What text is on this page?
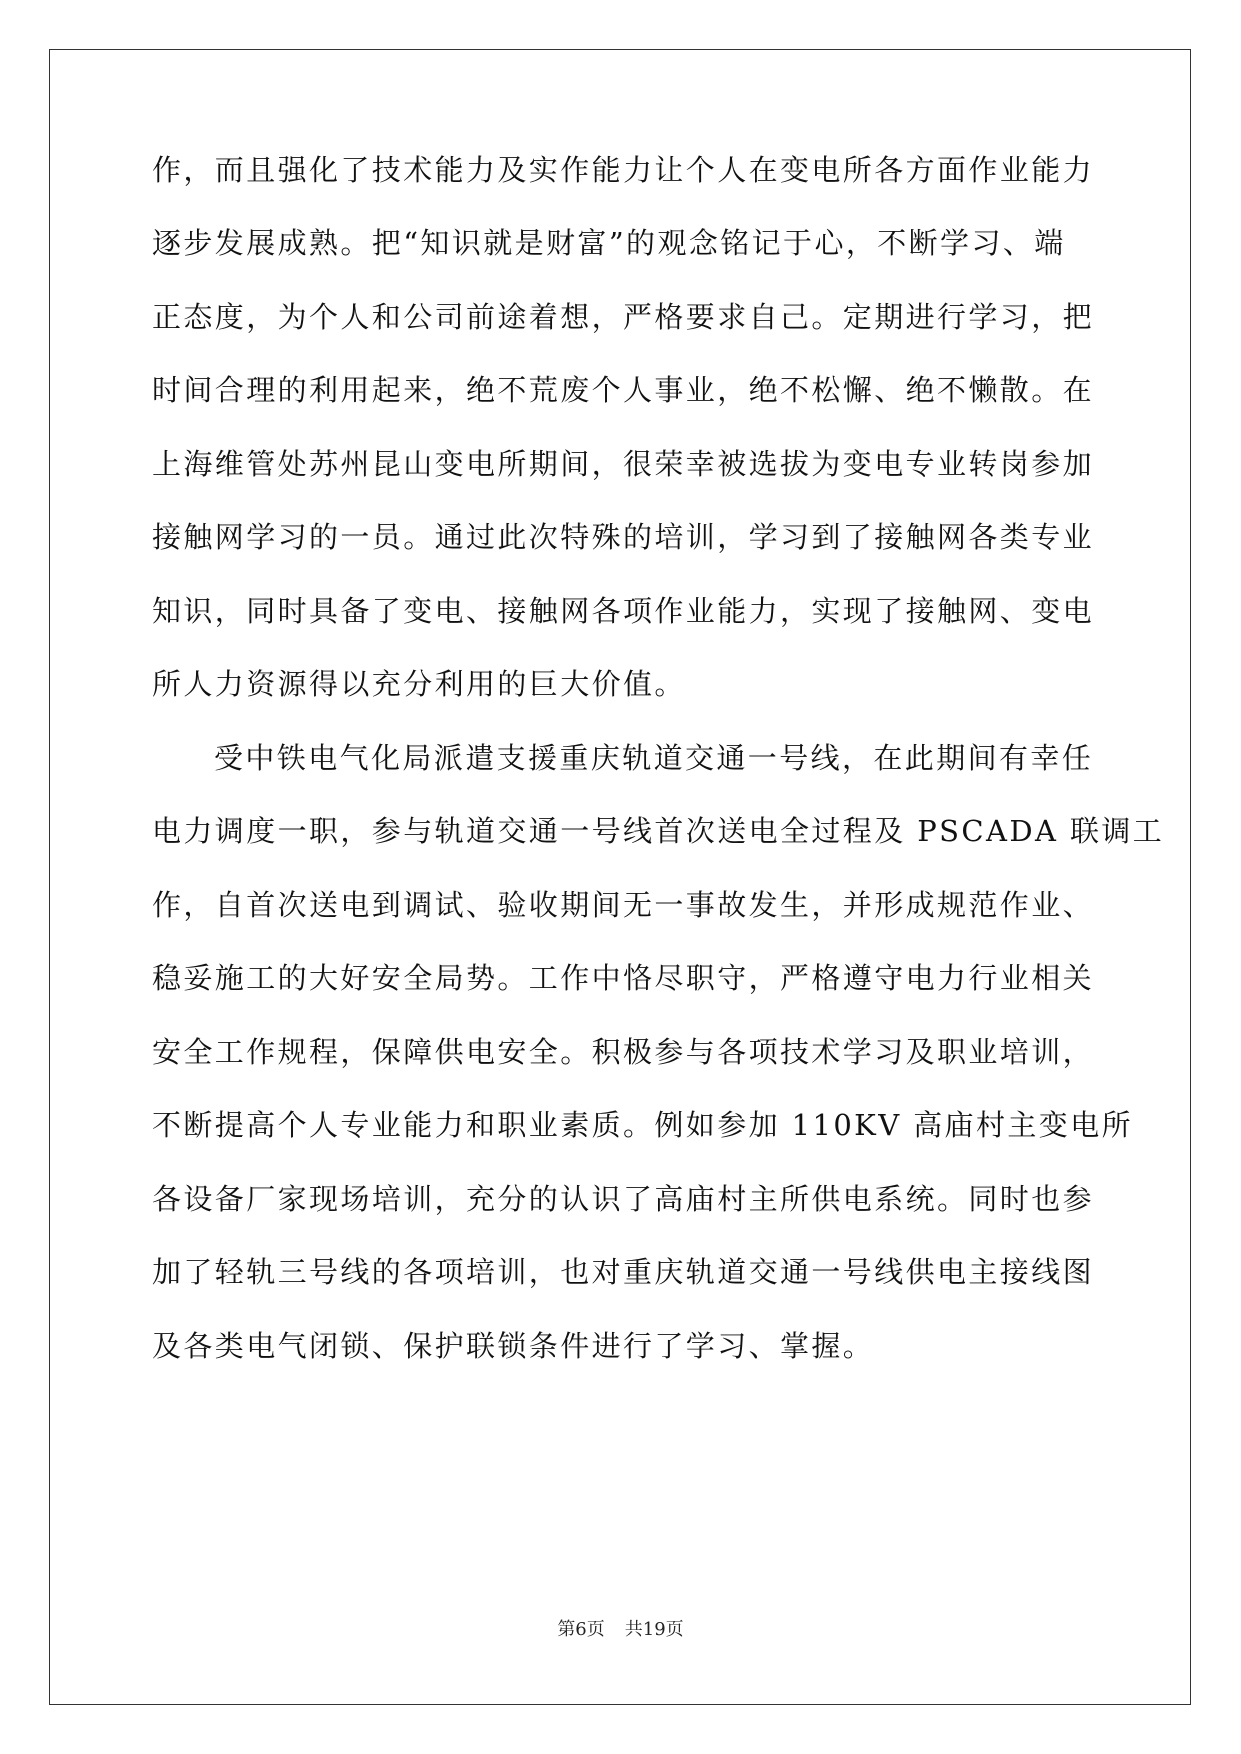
作，而且强化了技术能力及实作能力让个人在变电所各方面作业能力
逐步发展成熟。把“知识就是财富”的观念铭记于心，不断学习、端
正态度，为个人和公司前途着想，严格要求自己。定期进行学习，把
时间合理的利用起来，绝不荒废个人事业，绝不松懈、绝不懒散。在
上海维管处苏州昆山变电所期间，很荣幸被选拔为变电专业转岗参加
接触网学习的一员。通过此次特殊的培训，学习到了接触网各类专业
知识，同时具备了变电、接触网各项作业能力，实现了接触网、变电
所人力资源得以充分利用的巨大价值。
受中铁电气化局派遣支援重庆轨道交通一号线，在此期间有幸任
电力调度一职，参与轨道交通一号线首次送电全过程及 PSCADA 联调工
作，自首次送电到调试、验收期间无一事故发生，并形成规范作业、
稳妥施工的大好安全局势。工作中恪尽职守，严格遵守电力行业相关
安全工作规程，保障供电安全。积极参与各项技术学习及职业培训，
不断提高个人专业能力和职业素质。例如参加 110KV 高庙村主变电所
各设备厂家现场培训，充分的认识了高庙村主所供电系统。同时也参
加了轻轨三号线的各项培训，也对重庆轨道交通一号线供电主接线图
及各类电气闭锁、保护联锁条件进行了学习、掌握。
第6页 共19页
